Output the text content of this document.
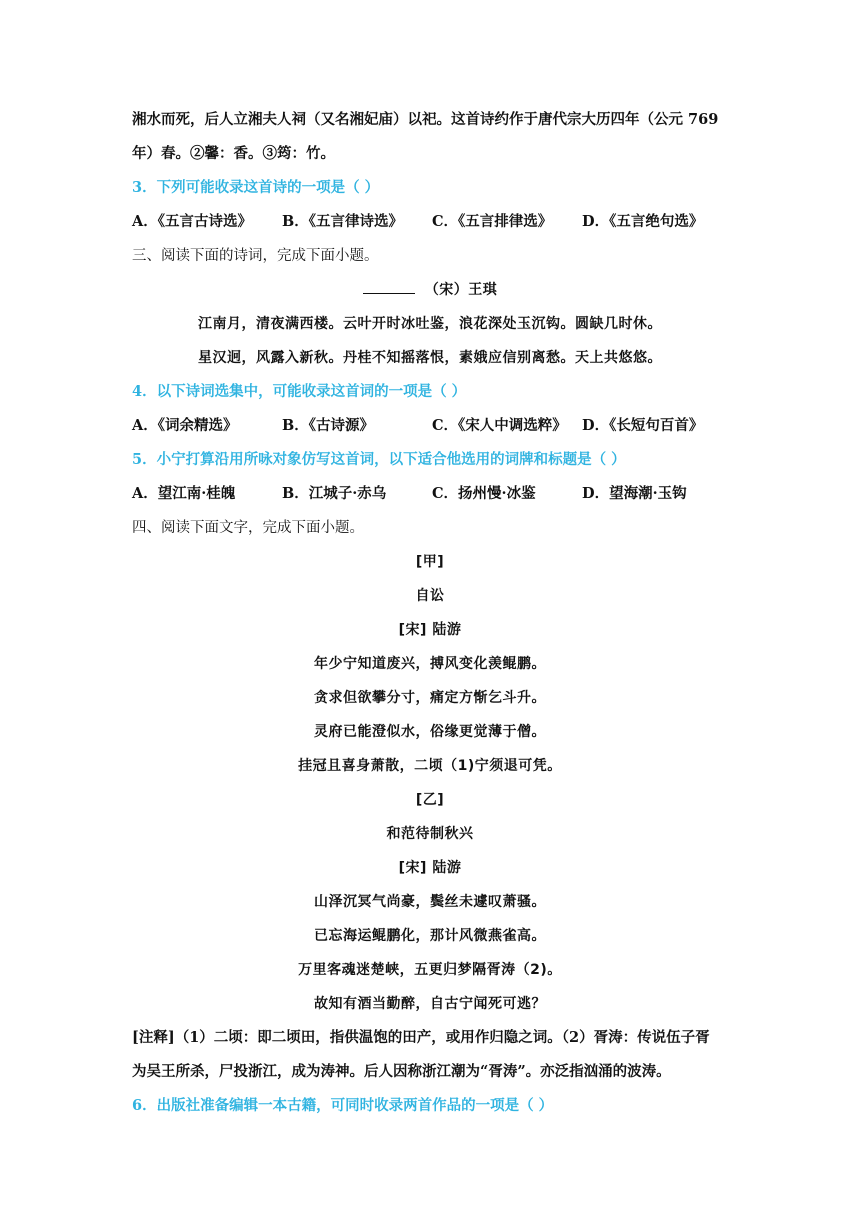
湘水而死，后人立湘夫人祠（又名湘妃庙）以祀。这首诗约作于唐代宗大历四年（公元 769
年）春。②馨：香。③筠：竹。
3．下列可能收录这首诗的一项是（ ）
A．《五言古诗选》 B．《五言律诗选》 C．《五言排律选》 D．《五言绝句选》
三、阅读下面的诗词，完成下面小题。
（宋）王琪
江南月，清夜满西楼。云叶开时冰吐鉴，浪花深处玉沉钩。圆缺几时休。
星汉迥，风露入新秋。丹桂不知摇落恨，素娥应信别离愁。天上共悠悠。
4．以下诗词选集中，可能收录这首词的一项是（ ）
A．《词余精选》	B．《古诗源》	C．《宋人中调选粹》 D．《长短句百首》
5．小宁打算沿用所咏对象仿写这首词，以下适合他选用的词牌和标题是（ ）
A．望江南·桂魄	B．江城子·赤乌	C．扬州慢·冰鉴	D．望海潮·玉钩
四、阅读下面文字，完成下面小题。
[甲]
自讼
[宋] 陆游
年少宁知道废兴，搏风变化羡鲲鹏。
贪求但欲攀分寸，痛定方惭乞斗升。
灵府已能澄似水，俗缘更觉薄于僧。
挂冠且喜身萧散，二顷（1)宁须退可凭。
[乙]
和范待制秋兴
[宋] 陆游
山泽沉冥气尚豪，鬓丝未遽叹萧骚。
已忘海运鲲鹏化，那计风微燕雀高。
万里客魂迷楚峡，五更归梦隔胥涛（2)。
故知有酒当勤醉，自古宁闻死可逃？
[注释]（1）二顷：即二顷田，指供温饱的田产，或用作归隐之词。（2）胥涛：传说伍子胥
为吴王所杀，尸投浙江，成为涛神。后人因称浙江潮为“胥涛”。亦泛指汹涌的波涛。
6．出版社准备编辑一本古籍，可同时收录两首作品的一项是（ ）
